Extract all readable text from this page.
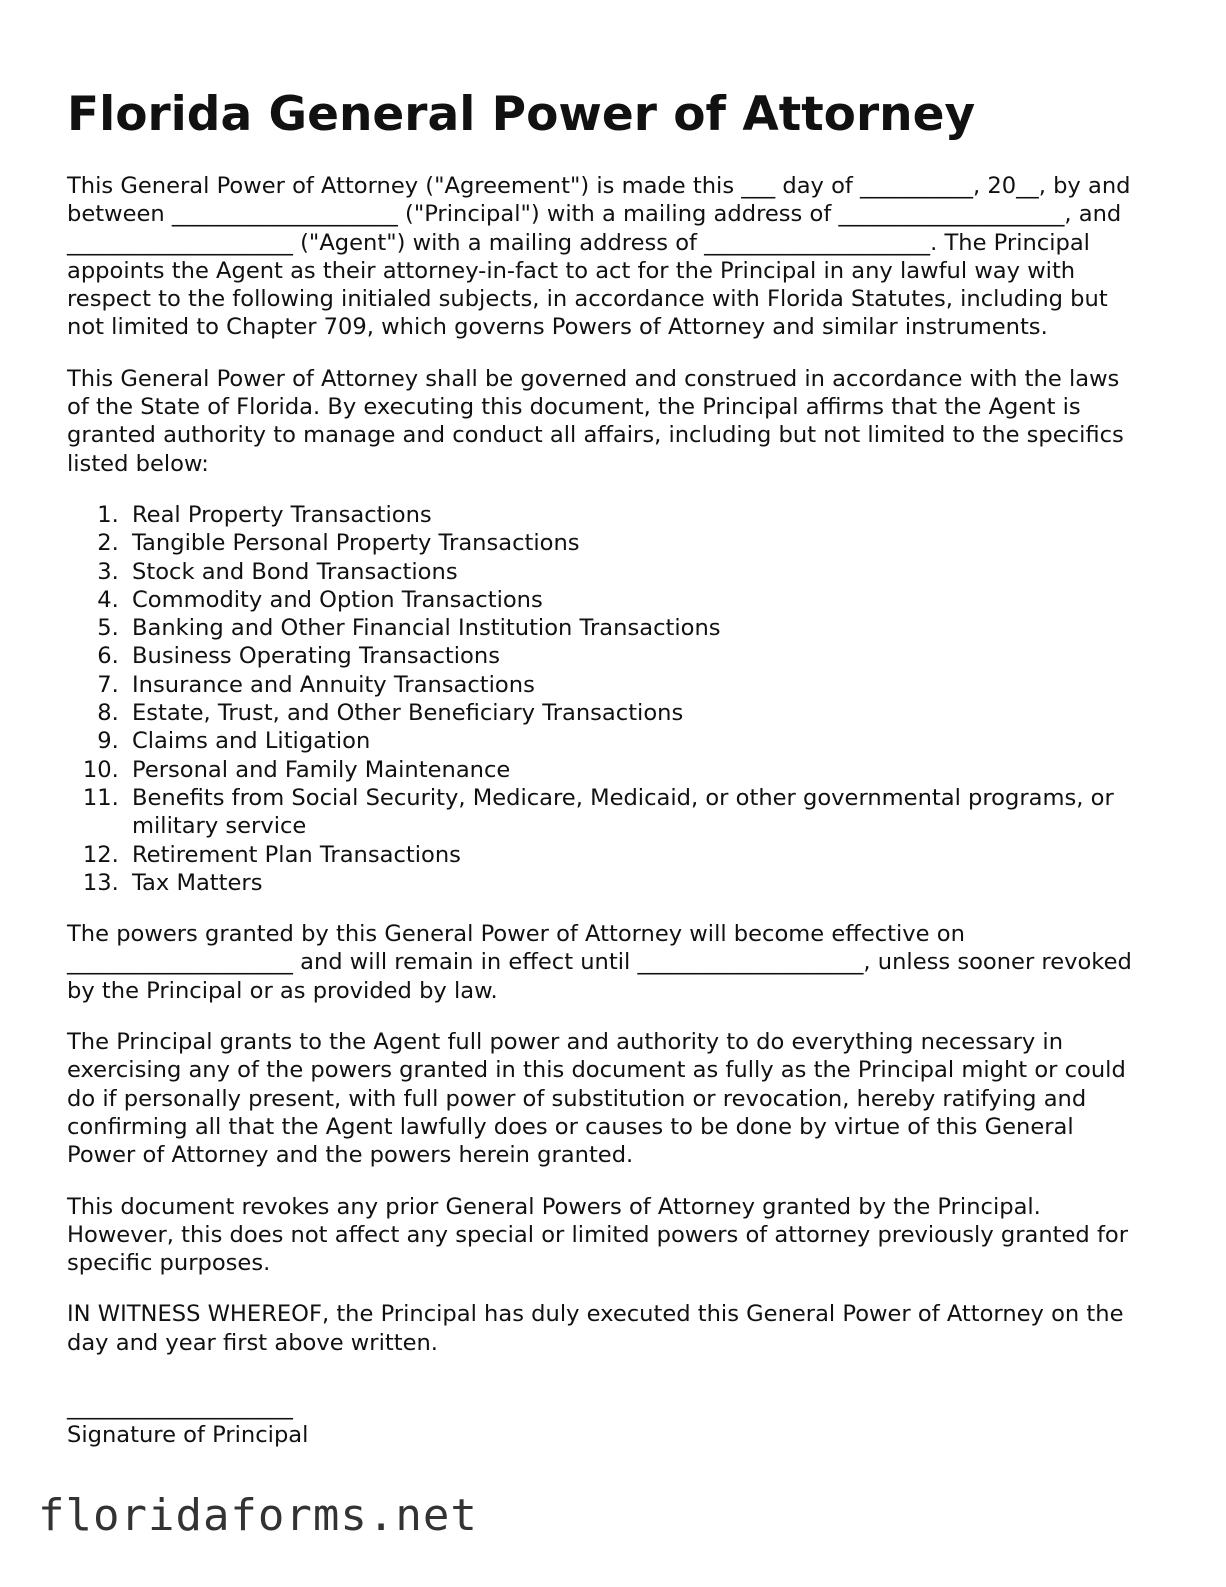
Florida General Power of Attorney

This General Power of Attorney ("Agreement") is made this ___ day of __________, 20__, by and between ____________________ ("Principal") with a mailing address of ____________________, and ____________________ ("Agent") with a mailing address of ____________________. The Principal appoints the Agent as their attorney-in-fact to act for the Principal in any lawful way with respect to the following initialed subjects, in accordance with Florida Statutes, including but not limited to Chapter 709, which governs Powers of Attorney and similar instruments.

This General Power of Attorney shall be governed and construed in accordance with the laws of the State of Florida. By executing this document, the Principal affirms that the Agent is granted authority to manage and conduct all affairs, including but not limited to the specifics listed below:

1. Real Property Transactions
2. Tangible Personal Property Transactions
3. Stock and Bond Transactions
4. Commodity and Option Transactions
5. Banking and Other Financial Institution Transactions
6. Business Operating Transactions
7. Insurance and Annuity Transactions
8. Estate, Trust, and Other Beneficiary Transactions
9. Claims and Litigation
10. Personal and Family Maintenance
11. Benefits from Social Security, Medicare, Medicaid, or other governmental programs, or military service
12. Retirement Plan Transactions
13. Tax Matters

The powers granted by this General Power of Attorney will become effective on ____________________ and will remain in effect until ____________________, unless sooner revoked by the Principal or as provided by law.

The Principal grants to the Agent full power and authority to do everything necessary in exercising any of the powers granted in this document as fully as the Principal might or could do if personally present, with full power of substitution or revocation, hereby ratifying and confirming all that the Agent lawfully does or causes to be done by virtue of this General Power of Attorney and the powers herein granted.

This document revokes any prior General Powers of Attorney granted by the Principal. However, this does not affect any special or limited powers of attorney previously granted for specific purposes.

IN WITNESS WHEREOF, the Principal has duly executed this General Power of Attorney on the day and year first above written.

____________________
Signature of Principal
floridaforms.net
